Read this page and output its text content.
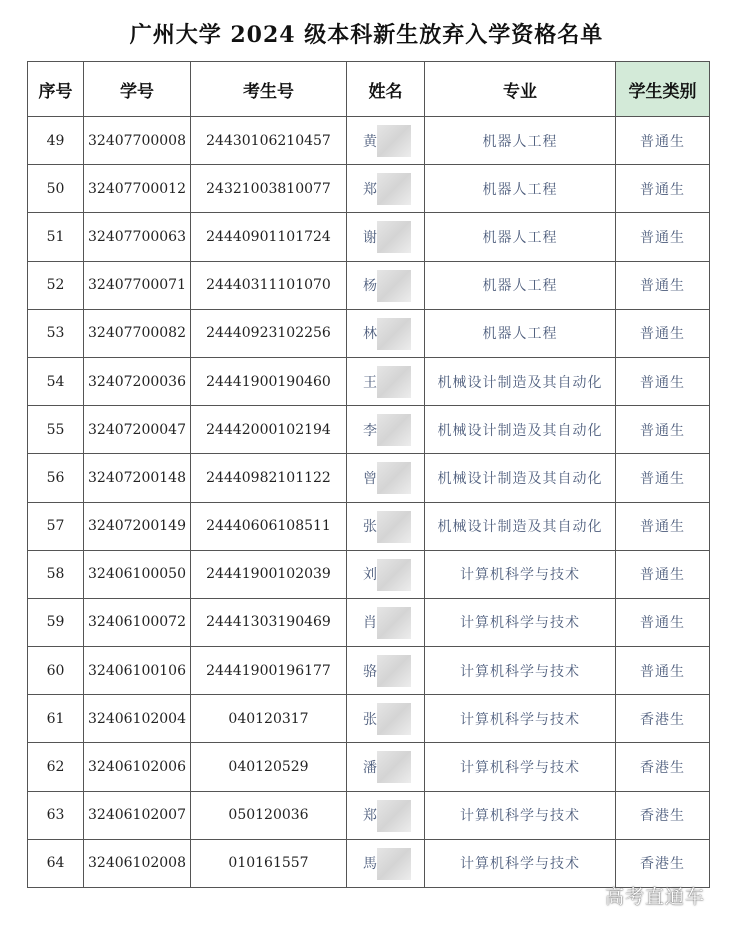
广州大学 2024 级本科新生放弃入学资格名单
序号	学号	考生号	姓名	专业	学生类别
49	32407700008	24430106210457	黄	机器人工程	普通生
50	32407700012	24321003810077	郑	机器人工程	普通生
51	32407700063	24440901101724	谢	机器人工程	普通生
52	32407700071	24440311101070	杨	机器人工程	普通生
53	32407700082	24440923102256	林	机器人工程	普通生
54	32407200036	24441900190460	王	机械设计制造及其自动化	普通生
55	32407200047	24442000102194	李	机械设计制造及其自动化	普通生
56	32407200148	24440982101122	曾	机械设计制造及其自动化	普通生
57	32407200149	24440606108511	张	机械设计制造及其自动化	普通生
58	32406100050	24441900102039	刘	计算机科学与技术	普通生
59	32406100072	24441303190469	肖	计算机科学与技术	普通生
60	32406100106	24441900196177	骆	计算机科学与技术	普通生
61	32406102004	040120317	张	计算机科学与技术	香港生
62	32406102006	040120529	潘	计算机科学与技术	香港生
63	32406102007	050120036	郑	计算机科学与技术	香港生
64	32406102008	010161557	馬	计算机科学与技术	香港生
高考直通车
